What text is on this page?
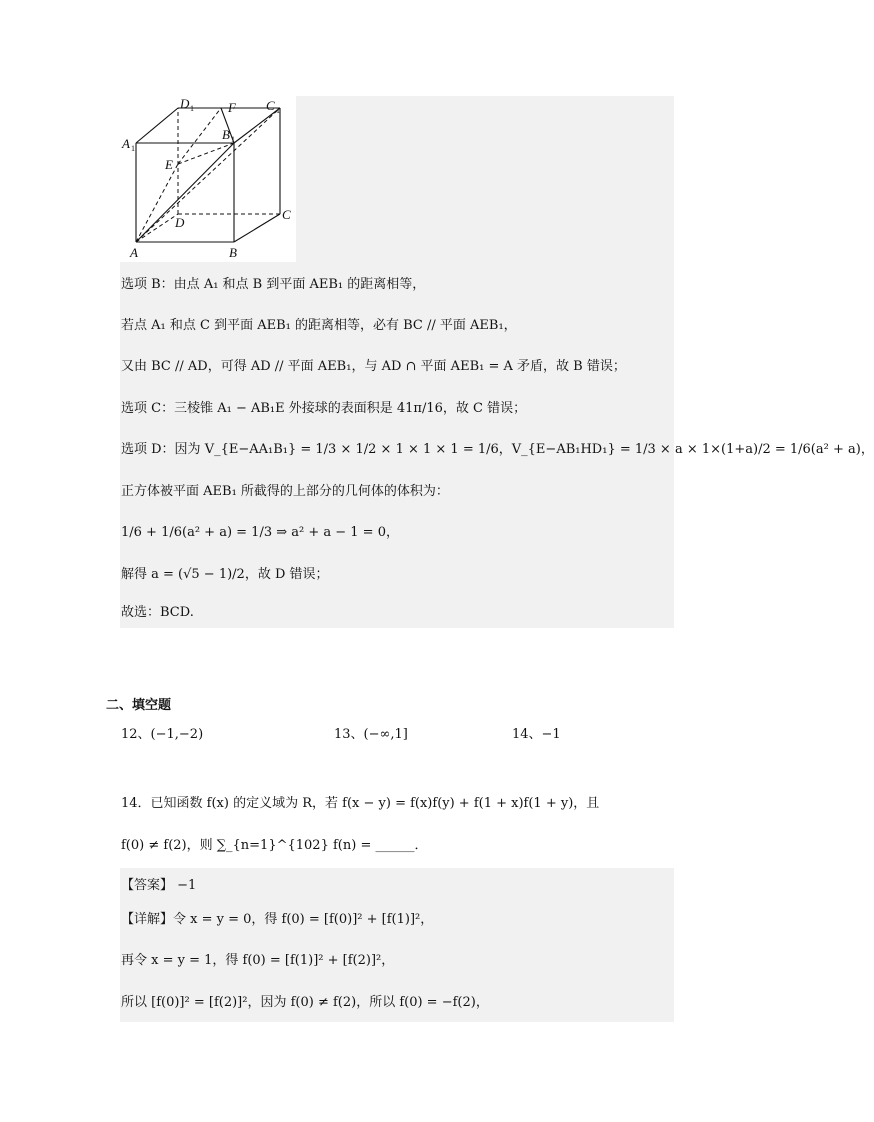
D 1	F C 1
A 1
B 1
E
D
C
A	B
选项 B：由点 A₁ 和点 B 到平面 AEB₁ 的距离相等，
若点 A₁ 和点 C 到平面 AEB₁ 的距离相等，必有 BC // 平面 AEB₁，
又由 BC // AD，可得 AD // 平面 AEB₁，与 AD ∩ 平面 AEB₁ = A 矛盾，故 B 错误；
选项 C：三棱锥 A₁ − AB₁E 外接球的表面积是 41π/16，故 C 错误；
选项 D：因为 V_{E−AA₁B₁} = 1/3 × 1/2 × 1 × 1 × 1 = 1/6，V_{E−AB₁HD₁} = 1/3 × a × 1×(1+a)/2 = 1/6(a² + a)，
正方体被平面 AEB₁ 所截得的上部分的几何体的体积为：
1/6 + 1/6(a² + a) = 1/3 ⇒ a² + a − 1 = 0，
解得 a = (√5 − 1)/2，故 D 错误；
故选：BCD.
二、填空题
12、(−1,−2)	13、(−∞,1]	14、−1
14．已知函数 f(x) 的定义域为 R，若 f(x − y) = f(x)f(y) + f(1 + x)f(1 + y)，且
f(0) ≠ f(2)，则 ∑_{n=1}^{102} f(n) = ______．
【答案】 −1
【详解】令 x = y = 0，得 f(0) = [f(0)]² + [f(1)]²，
再令 x = y = 1，得 f(0) = [f(1)]² + [f(2)]²，
所以 [f(0)]² = [f(2)]²，因为 f(0) ≠ f(2)，所以 f(0) = −f(2)，
